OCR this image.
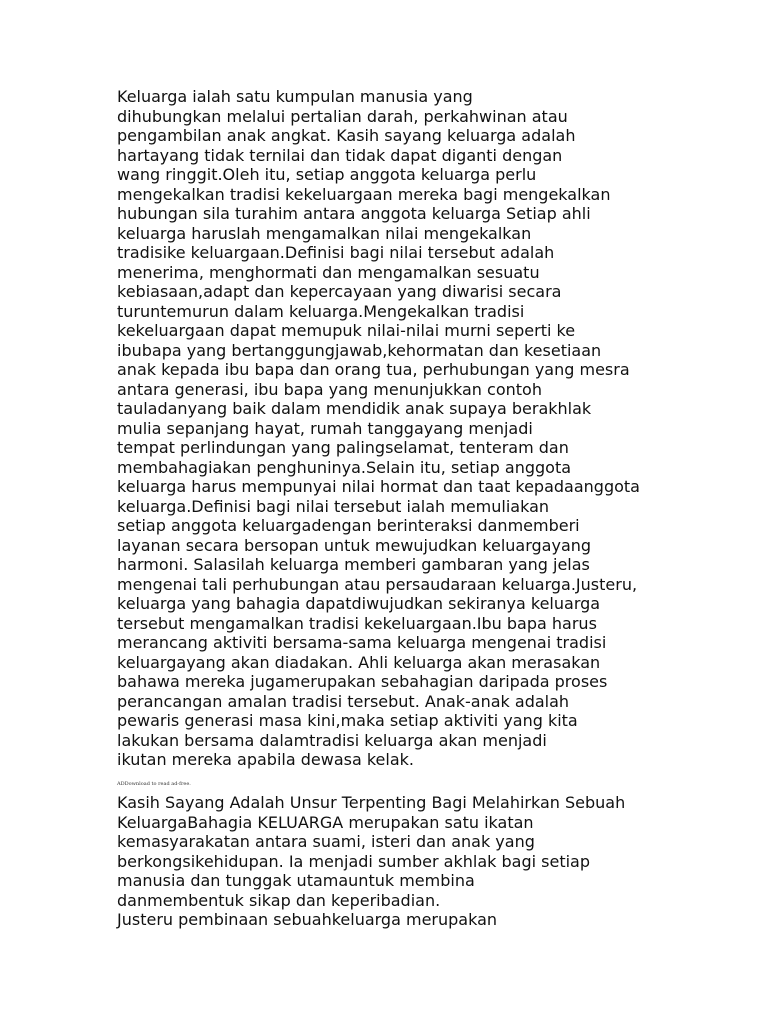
Keluarga ialah satu kumpulan manusia yang
dihubungkan melalui pertalian darah, perkahwinan atau
pengambilan anak angkat. Kasih sayang keluarga adalah
hartayang tidak ternilai dan tidak dapat diganti dengan
wang ringgit.Oleh itu, setiap anggota keluarga perlu
mengekalkan tradisi kekeluargaan mereka bagi mengekalkan
hubungan sila turahim antara anggota keluarga Setiap ahli
keluarga haruslah mengamalkan nilai mengekalkan
tradisike keluargaan.Definisi bagi nilai tersebut adalah
menerima, menghormati dan mengamalkan sesuatu
kebiasaan,adapt dan kepercayaan yang diwarisi secara
turuntemurun dalam keluarga.Mengekalkan tradisi
kekeluargaan dapat memupuk nilai-nilai murni seperti ke
ibubapa yang bertanggungjawab,kehormatan dan kesetiaan
anak kepada ibu bapa dan orang tua, perhubungan yang mesra
antara generasi, ibu bapa yang menunjukkan contoh
tauladanyang baik dalam mendidik anak supaya berakhlak
mulia sepanjang hayat, rumah tanggayang menjadi
tempat perlindungan yang palingselamat, tenteram dan
membahagiakan penghuninya.Selain itu, setiap anggota
keluarga harus mempunyai nilai hormat dan taat kepadaanggota
keluarga.Definisi bagi nilai tersebut ialah memuliakan
setiap anggota keluargadengan berinteraksi danmemberi
layanan secara bersopan untuk mewujudkan keluargayang
harmoni. Salasilah keluarga memberi gambaran yang jelas
mengenai tali perhubungan atau persaudaraan keluarga.Justeru,
keluarga yang bahagia dapatdiwujudkan sekiranya keluarga
tersebut mengamalkan tradisi kekeluargaan.Ibu bapa harus
merancang aktiviti bersama-sama keluarga mengenai tradisi
keluargayang akan diadakan. Ahli keluarga akan merasakan
bahawa mereka jugamerupakan sebahagian daripada proses
perancangan amalan tradisi tersebut. Anak-anak adalah
pewaris generasi masa kini,maka setiap aktiviti yang kita
lakukan bersama dalamtradisi keluarga akan menjadi
ikutan mereka apabila dewasa kelak.
ADDownload to read ad-free.
Kasih Sayang Adalah Unsur Terpenting Bagi Melahirkan Sebuah
KeluargaBahagia KELUARGA merupakan satu ikatan
kemasyarakatan antara suami, isteri dan anak yang
berkongsikehidupan. Ia menjadi sumber akhlak bagi setiap
manusia dan tunggak utamauntuk membina
danmembentuk sikap dan keperibadian.
Justeru pembinaan sebuahkeluarga merupakan
